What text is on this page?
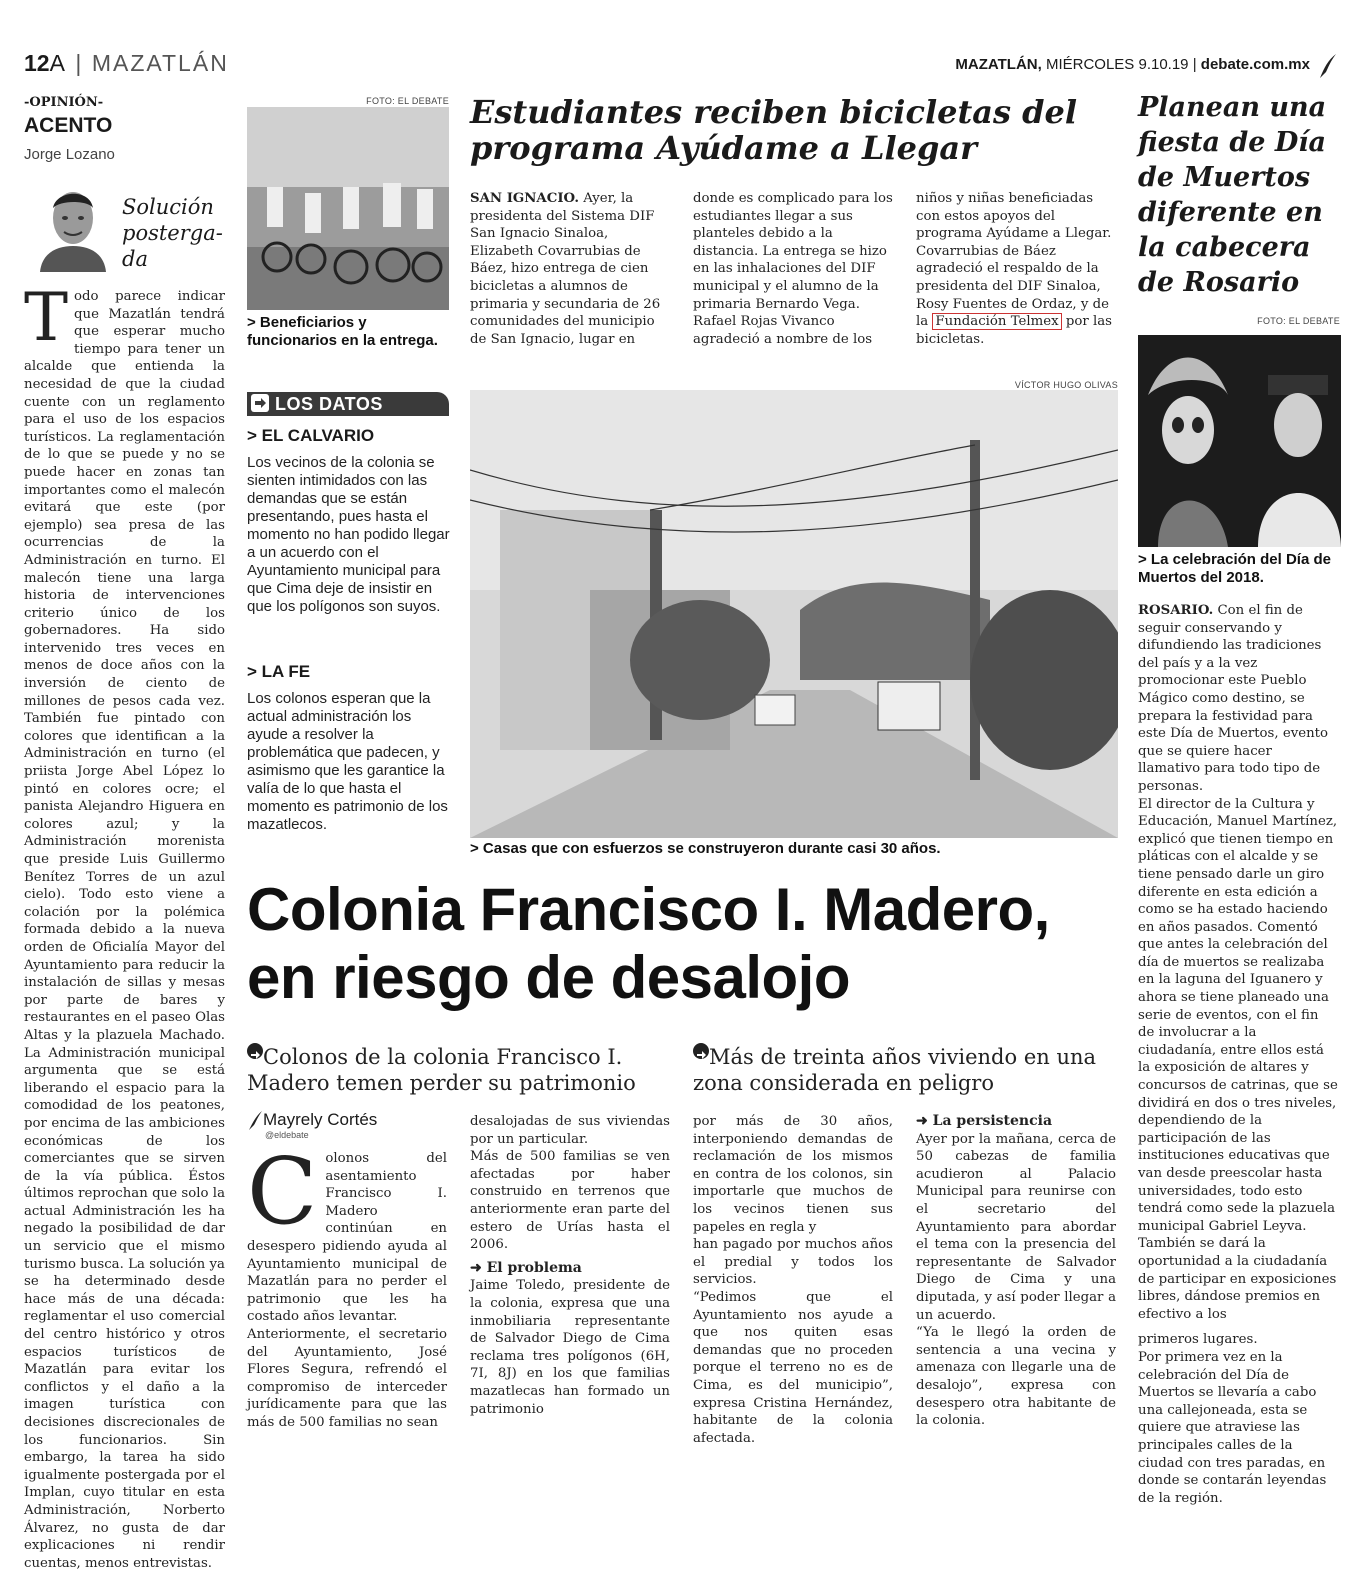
12A | MAZATLÁN	MAZATLÁN, MIÉRCOLES 9.10.19 | debate.com.mx
-OPINIÓN-
ACENTO
Jorge Lozano
Solución posterga-da
Todo parece indicar que Mazatlán tendrá que esperar mucho tiempo para tener un alcalde que entienda la necesidad de que la ciudad cuente con un reglamento para el uso de los espacios turísticos. La reglamentación de lo que se puede y no se puede hacer en zonas tan importantes como el malecón evitará que este (por ejemplo) sea presa de las ocurrencias de la Administración en turno. El malecón tiene una larga historia de intervenciones criterio único de los gobernadores. Ha sido intervenido tres veces en menos de doce años con la inversión de ciento de millones de pesos cada vez. También fue pintado con colores que identifican a la Administración en turno (el priista Jorge Abel López lo pintó en colores ocre; el panista Alejandro Higuera en colores azul; y la Administración morenista que preside Luis Guillermo Benítez Torres de un azul cielo). Todo esto viene a colación por la polémica formada debido a la nueva orden de Oficialía Mayor del Ayuntamiento para reducir la instalación de sillas y mesas por parte de bares y restaurantes en el paseo Olas Altas y la plazuela Machado. La Administración municipal argumenta que se está liberando el espacio para la comodidad de los peatones, por encima de las ambiciones económicas de los comerciantes que se sirven de la vía pública. Éstos últimos reprochan que solo la actual Administración les ha negado la posibilidad de dar un servicio que el mismo turismo busca. La solución ya se ha determinado desde hace más de una década: reglamentar el uso comercial del centro histórico y otros espacios turísticos de Mazatlán para evitar los conflictos y el daño a la imagen turística con decisiones discrecionales de los funcionarios. Sin embargo, la tarea ha sido igualmente postergada por el Implan, cuyo titular en esta Administración, Norberto Álvarez, no gusta de dar explicaciones ni rendir cuentas, menos entrevistas.
FOTO: EL DEBATE
> Beneficiarios y funcionarios en la entrega.
Estudiantes reciben bicicletas del programa Ayúdame a Llegar
SAN IGNACIO. Ayer, la presidenta del Sistema DIF San Ignacio Sinaloa, Elizabeth Covarrubias de Báez, hizo entrega de cien bicicletas a alumnos de primaria y secundaria de 26 comunidades del municipio de San Ignacio, lugar en
donde es complicado para los estudiantes llegar a sus planteles debido a la distancia. La entrega se hizo en las inhalaciones del DIF municipal y el alumno de la primaria Bernardo Vega. Rafael Rojas Vivanco agradeció a nombre de los
niños y niñas beneficiadas con estos apoyos del programa Ayúdame a Llegar. Covarrubias de Báez agradeció el respaldo de la presidenta del DIF Sinaloa, Rosy Fuentes de Ordaz, y de la Fundación Telmex por las bicicletas.
LOS DATOS
> EL CALVARIO
Los vecinos de la colonia se sienten intimidados con las demandas que se están presentando, pues hasta el momento no han podido llegar a un acuerdo con el Ayuntamiento municipal para que Cima deje de insistir en que los polígonos son suyos.
> LA FE
Los colonos esperan que la actual administración los ayude a resolver la problemática que padecen, y asimismo que les garantice la valía de lo que hasta el momento es patrimonio de los mazatlecos.
VÍCTOR HUGO OLIVAS
> Casas que con esfuerzos se construyeron durante casi 30 años.
Colonia Francisco I. Madero, en riesgo de desalojo
Colonos de la colonia Francisco I. Madero temen perder su patrimonio
Más de treinta años viviendo en una zona considerada en peligro
Mayrely Cortés
@eldebate

Colonos del asentamiento Francisco I. Madero continúan en desespero pidiendo ayuda al Ayuntamiento municipal de Mazatlán para no perder el patrimonio que les ha costado años levantar.

Anteriormente, el secretario del Ayuntamiento, José Flores Segura, refrendó el compromiso de interceder jurídicamente para que las más de 500 familias no sean

desalojadas de sus viviendas por un particular.

Más de 500 familias se ven afectadas por haber construido en terrenos que anteriormente eran parte del estero de Urías hasta el 2006.

➜ El problema

Jaime Toledo, presidente de la colonia, expresa que una inmobiliaria representante de Salvador Diego de Cima reclama tres polígonos (6H, 7I, 8J) en los que familias mazatlecas han formado un patrimonio

por más de 30 años, interponiendo demandas de reclamación de los mismos en contra de los colonos, sin importarle que muchos de los vecinos tienen sus papeles en regla y

han pagado por muchos años el predial y todos los servicios.

“Pedimos que el Ayuntamiento nos ayude a que nos quiten esas demandas que no proceden porque el terreno no es de Cima, es del municipio”, expresa Cristina Hernández, habitante de la colonia afectada.

➜ La persistencia

Ayer por la mañana, cerca de 50 cabezas de familia acudieron al Palacio Municipal para reunirse con el secretario del Ayuntamiento para abordar el tema con la presencia del representante de Salvador Diego de Cima y una diputada, y así poder llegar a un acuerdo.

“Ya le llegó la orden de sentencia a una vecina y amenaza con llegarle una de desalojo”, expresa con desespero otra habitante de la colonia.

Planean una fiesta de Día de Muertos diferente en la cabecera de Rosario
FOTO: EL DEBATE
> La celebración del Día de Muertos del 2018.

ROSARIO. Con el fin de seguir conservando y difundiendo las tradiciones del país y a la vez promocionar este Pueblo Mágico como destino, se prepara la festividad para este Día de Muertos, evento que se quiere hacer llamativo para todo tipo de personas.

El director de la Cultura y Educación, Manuel Martínez, explicó que tienen tiempo en pláticas con el alcalde y se tiene pensado darle un giro diferente en esta edición a como se ha estado haciendo en años pasados. Comentó que antes la celebración del día de muertos se realizaba en la laguna del Iguanero y ahora se tiene planeado una serie de eventos, con el fin de involucrar a la ciudadanía, entre ellos está la exposición de altares y concursos de catrinas, que se dividirá en dos o tres niveles, dependiendo de la participación de las instituciones educativas que van desde preescolar hasta universidades, todo esto tendrá como sede la plazuela municipal Gabriel Leyva. También se dará la oportunidad a la ciudadanía de participar en exposiciones libres, dándose premios en efectivo a los

primeros lugares.

Por primera vez en la celebración del Día de Muertos se llevaría a cabo una callejoneada, esta se quiere que atraviese las principales calles de la ciudad con tres paradas, en donde se contarán leyendas de la región.
